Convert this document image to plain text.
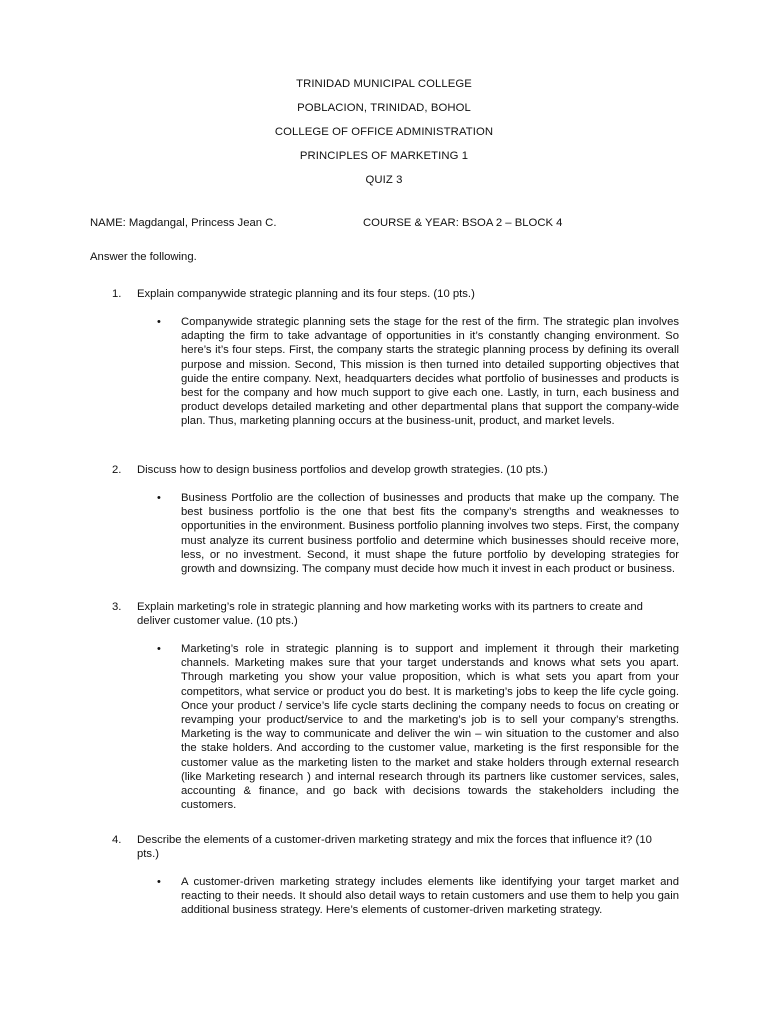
TRINIDAD MUNICIPAL COLLEGE
POBLACION, TRINIDAD, BOHOL
COLLEGE OF OFFICE ADMINISTRATION
PRINCIPLES OF MARKETING 1
QUIZ 3
NAME: Magdangal, Princess Jean C.	COURSE & YEAR: BSOA 2 – BLOCK 4
Answer the following.
1. Explain companywide strategic planning and its four steps. (10 pts.)
• Companywide strategic planning sets the stage for the rest of the firm. The strategic plan involves adapting the firm to take advantage of opportunities in it’s constantly changing environment. So here’s it’s four steps. First, the company starts the strategic planning process by defining its overall purpose and mission. Second, This mission is then turned into detailed supporting objectives that guide the entire company. Next, headquarters decides what portfolio of businesses and products is best for the company and how much support to give each one. Lastly, in turn, each business and product develops detailed marketing and other departmental plans that support the company-wide plan. Thus, marketing planning occurs at the business-unit, product, and market levels.
2. Discuss how to design business portfolios and develop growth strategies. (10 pts.)
• Business Portfolio are the collection of businesses and products that make up the company. The best business portfolio is the one that best fits the company’s strengths and weaknesses to opportunities in the environment. Business portfolio planning involves two steps. First, the company must analyze its current business portfolio and determine which businesses should receive more, less, or no investment. Second, it must shape the future portfolio by developing strategies for growth and downsizing. The company must decide how much it invest in each product or business.
3. Explain marketing’s role in strategic planning and how marketing works with its partners to create and deliver customer value. (10 pts.)
• Marketing’s role in strategic planning is to support and implement it through their marketing channels. Marketing makes sure that your target understands and knows what sets you apart. Through marketing you show your value proposition, which is what sets you apart from your competitors, what service or product you do best. It is marketing’s jobs to keep the life cycle going. Once your product / service’s life cycle starts declining the company needs to focus on creating or revamping your product/service to and the marketing’s job is to sell your company’s strengths. Marketing is the way to communicate and deliver the win – win situation to the customer and also the stake holders. And according to the customer value, marketing is the first responsible for the customer value as the marketing listen to the market and stake holders through external research (like Marketing research ) and internal research through its partners like customer services, sales, accounting & finance, and go back with decisions towards the stakeholders including the customers.
4. Describe the elements of a customer-driven marketing strategy and mix the forces that influence it? (10 pts.)
• A customer-driven marketing strategy includes elements like identifying your target market and reacting to their needs. It should also detail ways to retain customers and use them to help you gain additional business strategy. Here’s elements of customer-driven marketing strategy.
